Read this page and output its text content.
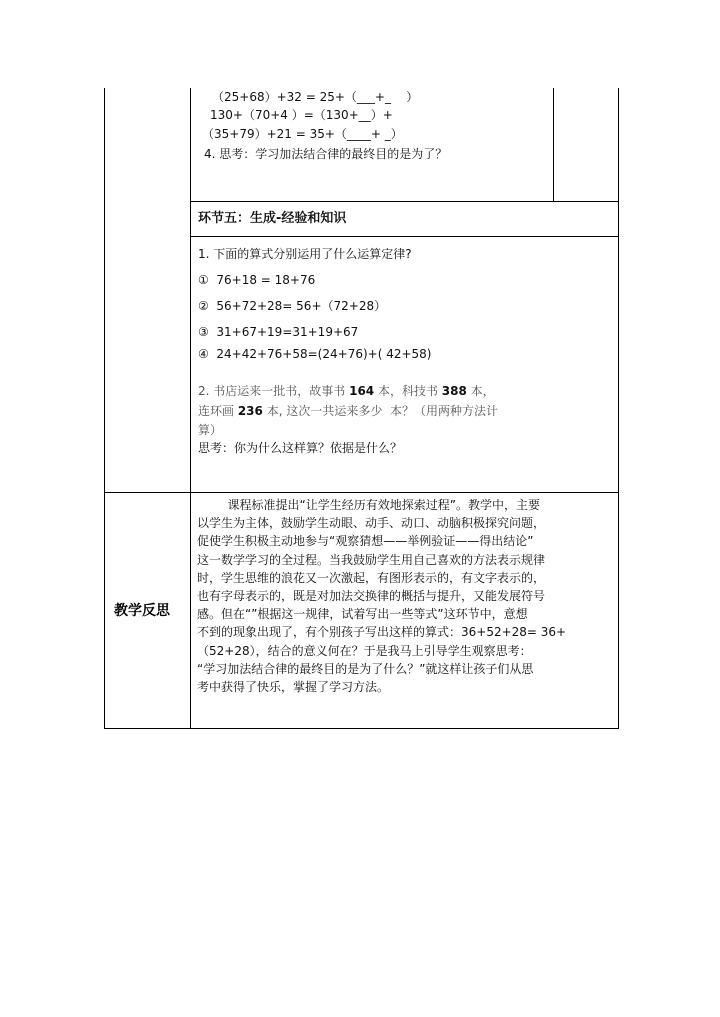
（25+68）+32 = 25+（___+_    ）
130+（70+4 ）=（130+__）+
（35+79）+21 = 35+（____+ _）
4. 思考：学习加法结合律的最终目的是为了？
环节五：生成-经验和知识
1. 下面的算式分别运用了什么运算定律?
①  76+18 = 18+76
②  56+72+28= 56+（72+28）
③  31+67+19=31+19+67
④  24+42+76+58=(24+76)+( 42+58)
2. 书店运来一批书，故事书 164 本，科技书 388 本，
连环画 236 本, 这次一共运来多少  本？（用两种方法计
算）
思考：你为什么这样算？依据是什么？
教学反思
课程标准提出“让学生经历有效地探索过程”。教学中，主要
以学生为主体，鼓励学生动眼、动手、动口、动脑积极探究问题，
促使学生积极主动地参与“观察猜想——举例验证——得出结论”
这一数学学习的全过程。当我鼓励学生用自己喜欢的方法表示规律
时，学生思维的浪花又一次激起，有图形表示的，有文字表示的，
也有字母表示的，既是对加法交换律的概括与提升，又能发展符号
感。但在“”根据这一规律，试着写出一些等式”这环节中，意想
不到的现象出现了，有个别孩子写出这样的算式：36+52+28= 36+
（52+28），结合的意义何在？于是我马上引导学生观察思考：
“学习加法结合律的最终目的是为了什么？”就这样让孩子们从思
考中获得了快乐，掌握了学习方法。
